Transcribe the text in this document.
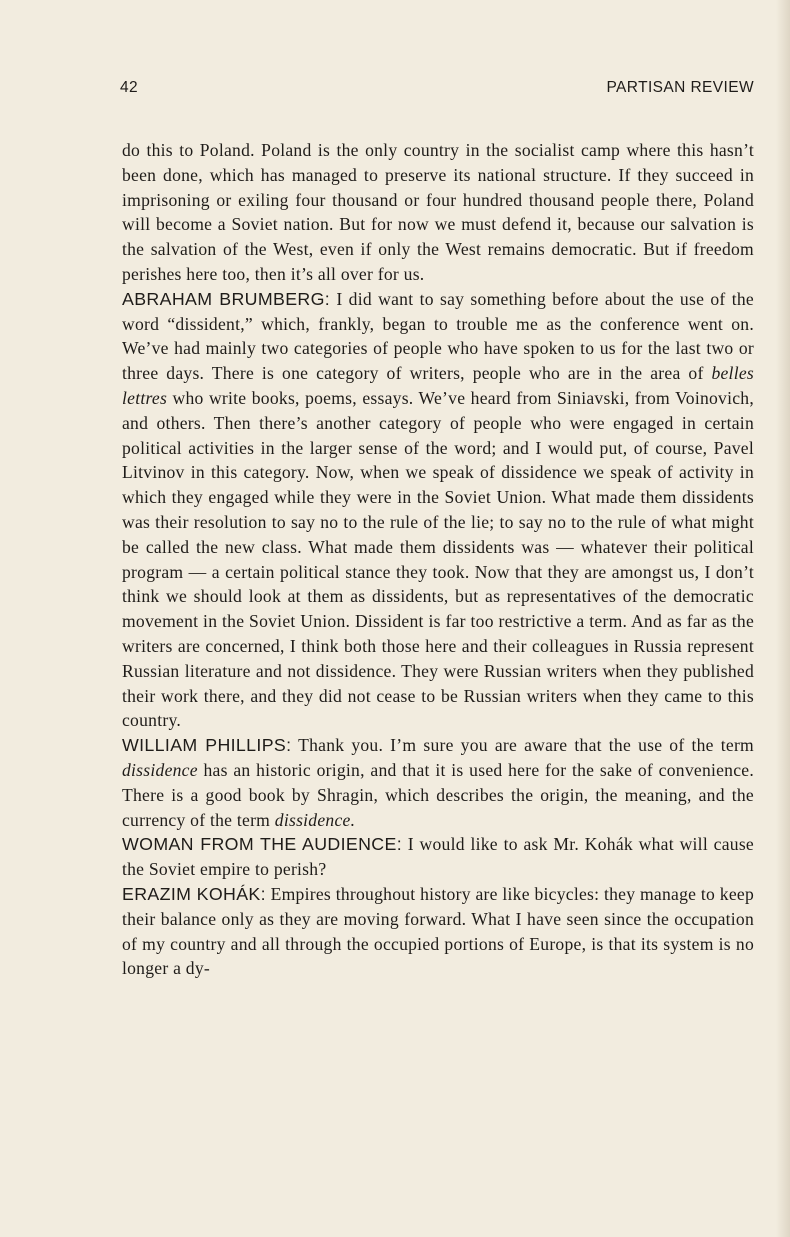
42	PARTISAN REVIEW

do this to Poland. Poland is the only country in the socialist camp where this hasn’t been done, which has managed to preserve its national structure. If they succeed in imprisoning or exiling four thousand or four hundred thousand people there, Poland will become a Soviet nation. But for now we must defend it, because our salvation is the salvation of the West, even if only the West remains democratic. But if freedom perishes here too, then it’s all over for us.

ABRAHAM BRUMBERG: I did want to say something before about the use of the word “dissident,” which, frankly, began to trouble me as the conference went on. We’ve had mainly two categories of people who have spoken to us for the last two or three days. There is one category of writers, people who are in the area of belles lettres who write books, poems, essays. We’ve heard from Siniavski, from Voinovich, and others. Then there’s another category of people who were engaged in certain political activities in the larger sense of the word; and I would put, of course, Pavel Litvinov in this category. Now, when we speak of dissidence we speak of activity in which they engaged while they were in the Soviet Union. What made them dissidents was their resolution to say no to the rule of the lie; to say no to the rule of what might be called the new class. What made them dissidents was — whatever their political program — a certain political stance they took. Now that they are amongst us, I don’t think we should look at them as dissidents, but as representatives of the democratic movement in the Soviet Union. Dissident is far too restrictive a term. And as far as the writers are concerned, I think both those here and their colleagues in Russia represent Russian literature and not dissidence. They were Russian writers when they published their work there, and they did not cease to be Russian writers when they came to this country.

WILLIAM PHILLIPS: Thank you. I’m sure you are aware that the use of the term dissidence has an historic origin, and that it is used here for the sake of convenience. There is a good book by Shragin, which describes the origin, the meaning, and the currency of the term dissidence.

WOMAN FROM THE AUDIENCE: I would like to ask Mr. Kohák what will cause the Soviet empire to perish?

ERAZIM KOHÁK: Empires throughout history are like bicycles: they manage to keep their balance only as they are moving forward. What I have seen since the occupation of my country and all through the occupied portions of Europe, is that its system is no longer a dy-
